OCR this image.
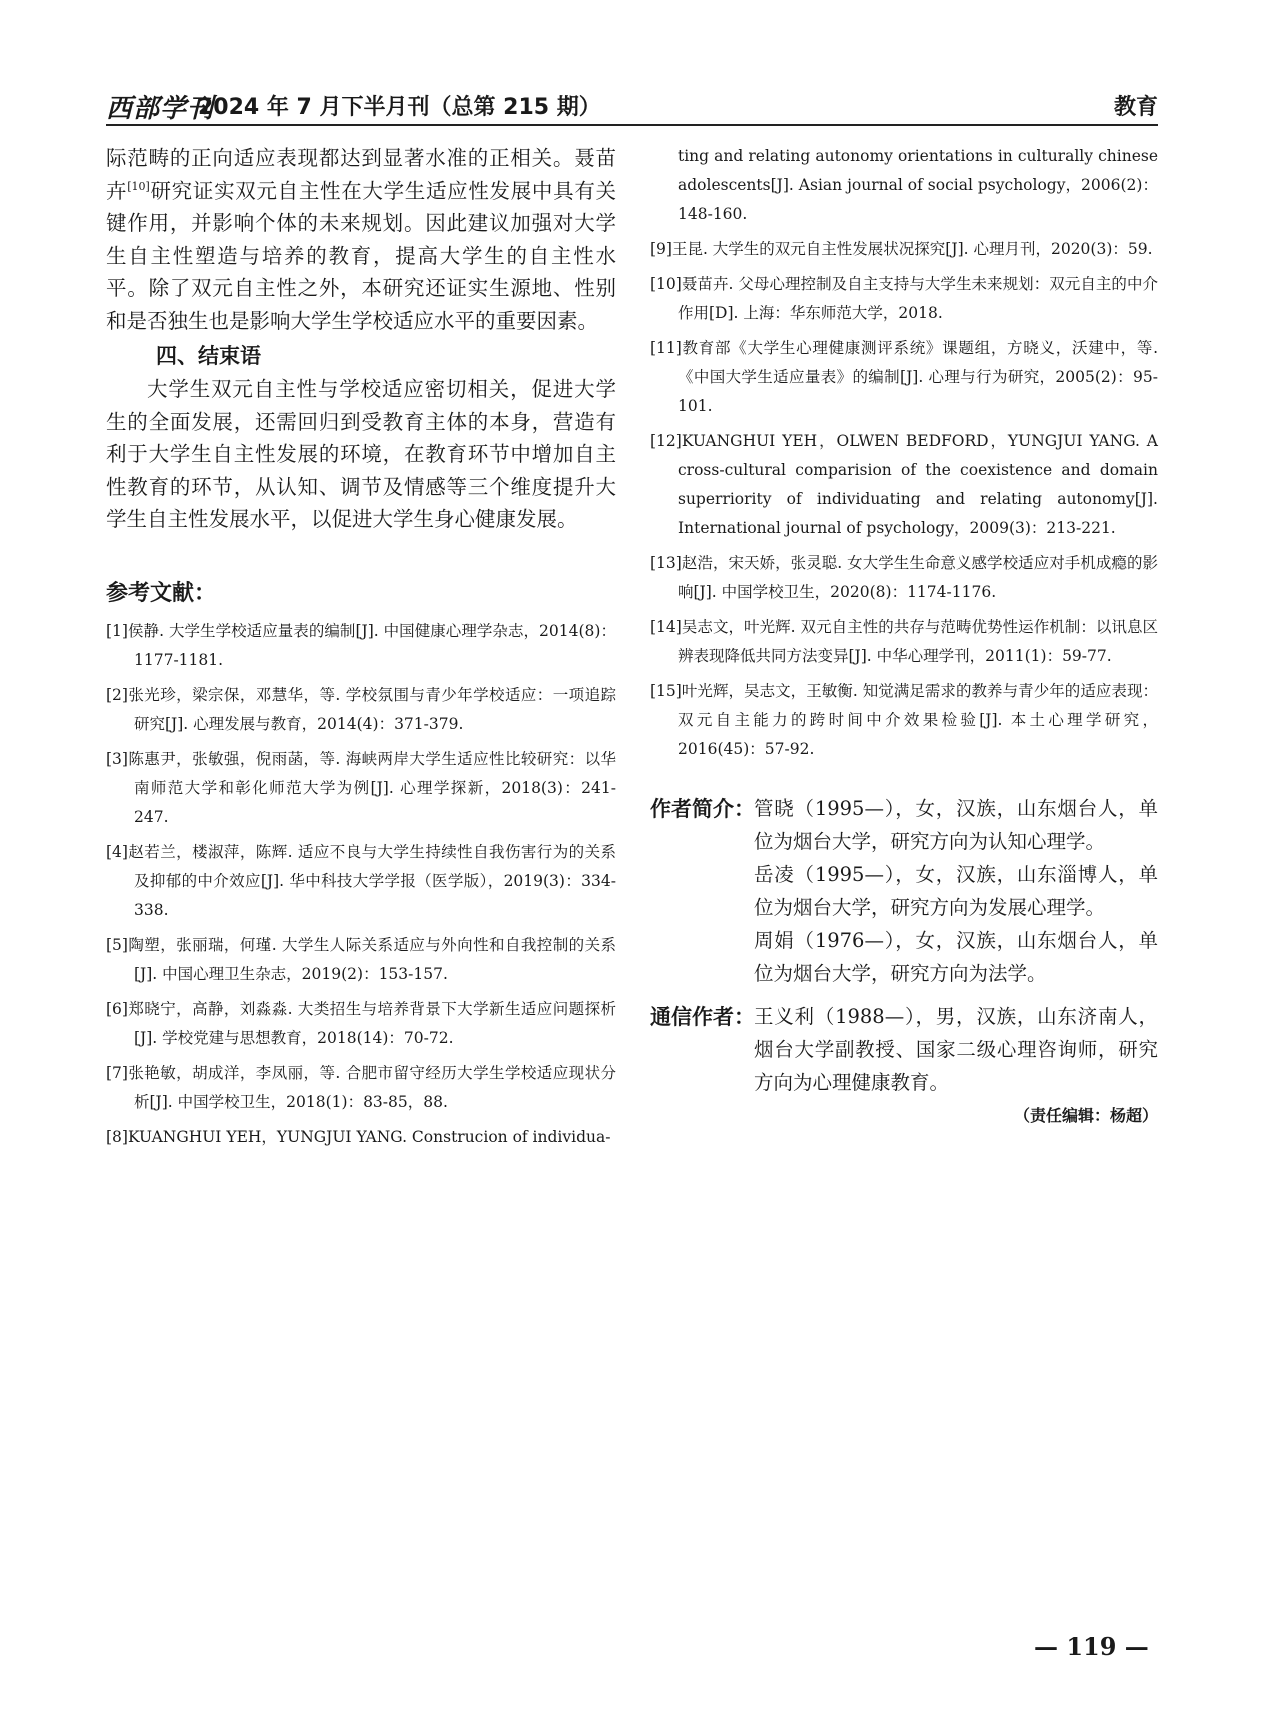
西部学刊
2024 年 7 月下半月刊（总第 215 期）	教育

际范畴的正向适应表现都达到显著水准的正相关。聂苗卉[10]研究证实双元自主性在大学生适应性发展中具有关键作用，并影响个体的未来规划。因此建议加强对大学生自主性塑造与培养的教育，提高大学生的自主性水平。除了双元自主性之外，本研究还证实生源地、性别和是否独生也是影响大学生学校适应水平的重要因素。

四、结束语

大学生双元自主性与学校适应密切相关，促进大学生的全面发展，还需回归到受教育主体的本身，营造有利于大学生自主性发展的环境，在教育环节中增加自主性教育的环节，从认知、调节及情感等三个维度提升大学生自主性发展水平，以促进大学生身心健康发展。

参考文献：
[1]侯静. 大学生学校适应量表的编制[J]. 中国健康心理学杂志，2014(8)：1177-1181.
[2]张光珍，梁宗保，邓慧华，等. 学校氛围与青少年学校适应：一项追踪研究[J]. 心理发展与教育，2014(4)：371-379.
[3]陈惠尹，张敏强，倪雨菡，等. 海峡两岸大学生适应性比较研究：以华南师范大学和彰化师范大学为例[J]. 心理学探新，2018(3)：241-247.
[4]赵若兰，楼淑萍，陈辉. 适应不良与大学生持续性自我伤害行为的关系及抑郁的中介效应[J]. 华中科技大学学报（医学版），2019(3)：334-338.
[5]陶塑，张丽瑞，何瑾. 大学生人际关系适应与外向性和自我控制的关系[J]. 中国心理卫生杂志，2019(2)：153-157.
[6]郑晓宁，高静，刘淼淼. 大类招生与培养背景下大学新生适应问题探析[J]. 学校党建与思想教育，2018(14)：70-72.
[7]张艳敏，胡成洋，李凤丽，等. 合肥市留守经历大学生学校适应现状分析[J]. 中国学校卫生，2018(1)：83-85，88.
[8]KUANGHUI YEH，YUNGJUI YANG. Construcion of individua-
ting and relating autonomy orientations in culturally chinese adolescents[J]. Asian journal of social psychology，2006(2)：148-160.
[9]王昆. 大学生的双元自主性发展状况探究[J]. 心理月刊，2020(3)：59.
[10]聂苗卉. 父母心理控制及自主支持与大学生未来规划：双元自主的中介作用[D]. 上海：华东师范大学，2018.
[11]教育部《大学生心理健康测评系统》课题组，方晓义，沃建中，等.《中国大学生适应量表》的编制[J]. 心理与行为研究，2005(2)：95-101.
[12]KUANGHUI YEH，OLWEN BEDFORD，YUNGJUI YANG. A cross-cultural comparision of the coexistence and domain superriority of individuating and relating autonomy[J]. International journal of psychology，2009(3)：213-221.
[13]赵浩，宋天娇，张灵聪. 女大学生生命意义感学校适应对手机成瘾的影响[J]. 中国学校卫生，2020(8)：1174-1176.
[14]吴志文，叶光辉. 双元自主性的共存与范畴优势性运作机制：以讯息区辨表现降低共同方法变异[J]. 中华心理学刊，2011(1)：59-77.
[15]叶光辉，吴志文，王敏衡. 知觉满足需求的教养与青少年的适应表现：双元自主能力的跨时间中介效果检验[J]. 本土心理学研究，2016(45)：57-92.
作者简介： 管晓（1995—），女，汉族，山东烟台人，单位为烟台大学，研究方向为认知心理学。

岳凌（1995—），女，汉族，山东淄博人，单位为烟台大学，研究方向为发展心理学。

周娟（1976—），女，汉族，山东烟台人，单位为烟台大学，研究方向为法学。

通信作者： 王义利（1988—），男，汉族，山东济南人，烟台大学副教授、国家二级心理咨询师，研究方向为心理健康教育。

（责任编辑：杨超）
— 119 —
